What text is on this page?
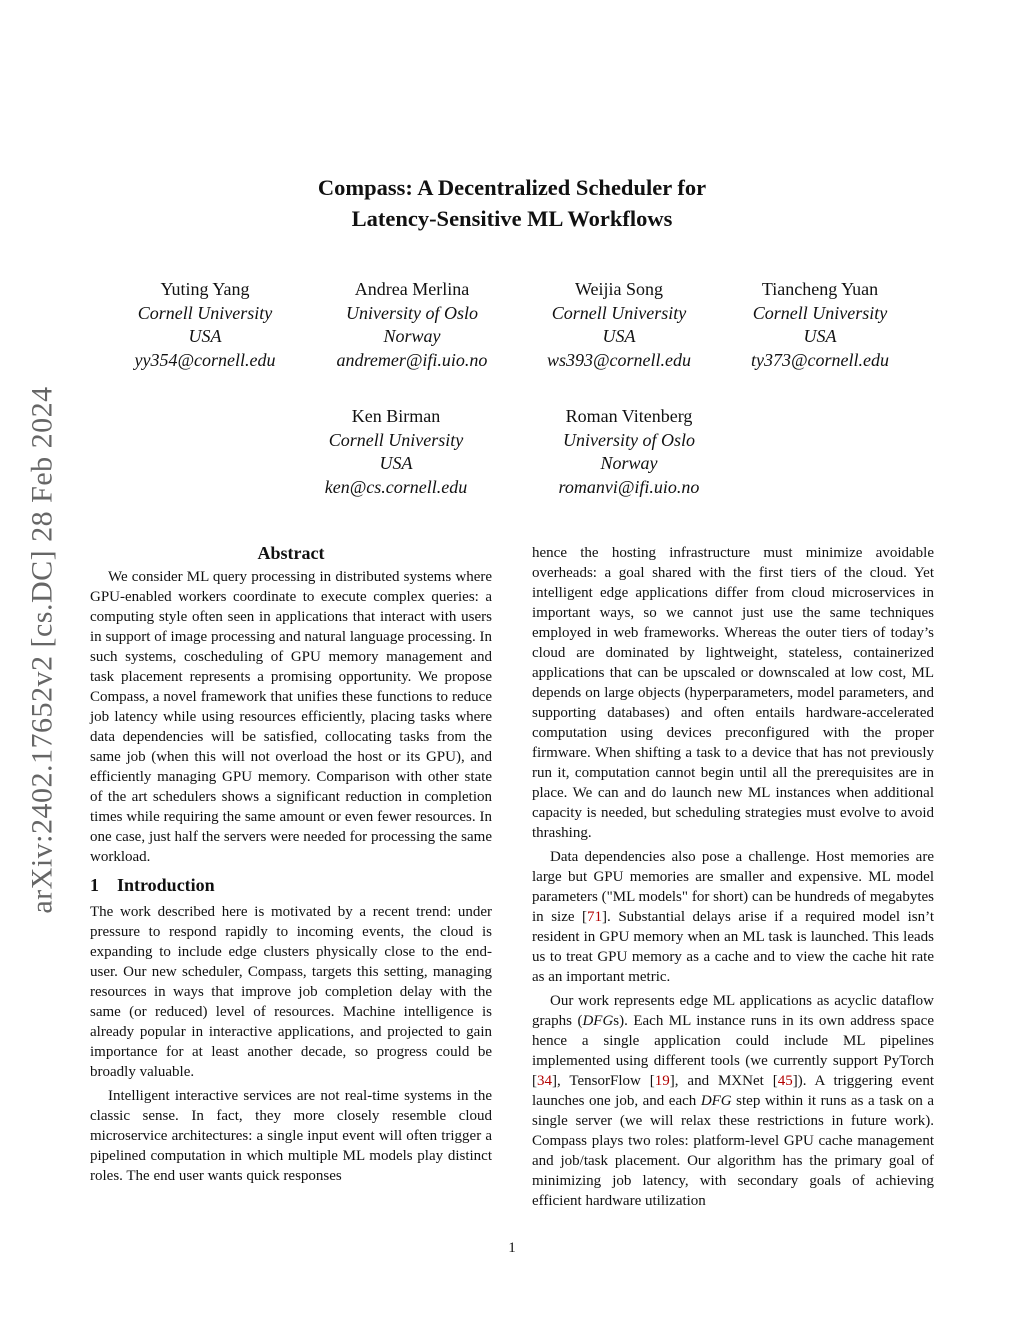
arXiv:2402.17652v2 [cs.DC] 28 Feb 2024
Compass: A Decentralized Scheduler for
Latency-Sensitive ML Workflows
Yuting Yang
Cornell University
USA
yy354@cornell.edu
Andrea Merlina
University of Oslo
Norway
andremer@ifi.uio.no
Weijia Song
Cornell University
USA
ws393@cornell.edu
Tiancheng Yuan
Cornell University
USA
ty373@cornell.edu
Ken Birman
Cornell University
USA
ken@cs.cornell.edu
Roman Vitenberg
University of Oslo
Norway
romanvi@ifi.uio.no
Abstract

We consider ML query processing in distributed systems where GPU-enabled workers coordinate to execute complex queries: a computing style often seen in applications that interact with users in support of image processing and natural language processing. In such systems, coscheduling of GPU memory management and task placement represents a promising opportunity. We propose Compass, a novel framework that unifies these functions to reduce job latency while using resources efficiently, placing tasks where data dependencies will be satisfied, collocating tasks from the same job (when this will not overload the host or its GPU), and efficiently managing GPU memory. Comparison with other state of the art schedulers shows a significant reduction in completion times while requiring the same amount or even fewer resources. In one case, just half the servers were needed for processing the same workload.

1 Introduction

The work described here is motivated by a recent trend: under pressure to respond rapidly to incoming events, the cloud is expanding to include edge clusters physically close to the end-user. Our new scheduler, Compass, targets this setting, managing resources in ways that improve job completion delay with the same (or reduced) level of resources. Machine intelligence is already popular in interactive applications, and projected to gain importance for at least another decade, so progress could be broadly valuable.

Intelligent interactive services are not real-time systems in the classic sense. In fact, they more closely resemble cloud microservice architectures: a single input event will often trigger a pipelined computation in which multiple ML models play distinct roles. The end user wants quick responses

hence the hosting infrastructure must minimize avoidable overheads: a goal shared with the first tiers of the cloud. Yet intelligent edge applications differ from cloud microservices in important ways, so we cannot just use the same techniques employed in web frameworks. Whereas the outer tiers of today’s cloud are dominated by lightweight, stateless, containerized applications that can be upscaled or downscaled at low cost, ML depends on large objects (hyperparameters, model parameters, and supporting databases) and often entails hardware-accelerated computation using devices preconfigured with the proper firmware. When shifting a task to a device that has not previously run it, computation cannot begin until all the prerequisites are in place. We can and do launch new ML instances when additional capacity is needed, but scheduling strategies must evolve to avoid thrashing.

Data dependencies also pose a challenge. Host memories are large but GPU memories are smaller and expensive. ML model parameters ("ML models" for short) can be hundreds of megabytes in size [71]. Substantial delays arise if a required model isn’t resident in GPU memory when an ML task is launched. This leads us to treat GPU memory as a cache and to view the cache hit rate as an important metric.

Our work represents edge ML applications as acyclic dataflow graphs (DFGs). Each ML instance runs in its own address space hence a single application could include ML pipelines implemented using different tools (we currently support PyTorch [34], TensorFlow [19], and MXNet [45]). A triggering event launches one job, and each DFG step within it runs as a task on a single server (we will relax these restrictions in future work). Compass plays two roles: platform-level GPU cache management and job/task placement. Our algorithm has the primary goal of minimizing job latency, with secondary goals of achieving efficient hardware utilization

1
